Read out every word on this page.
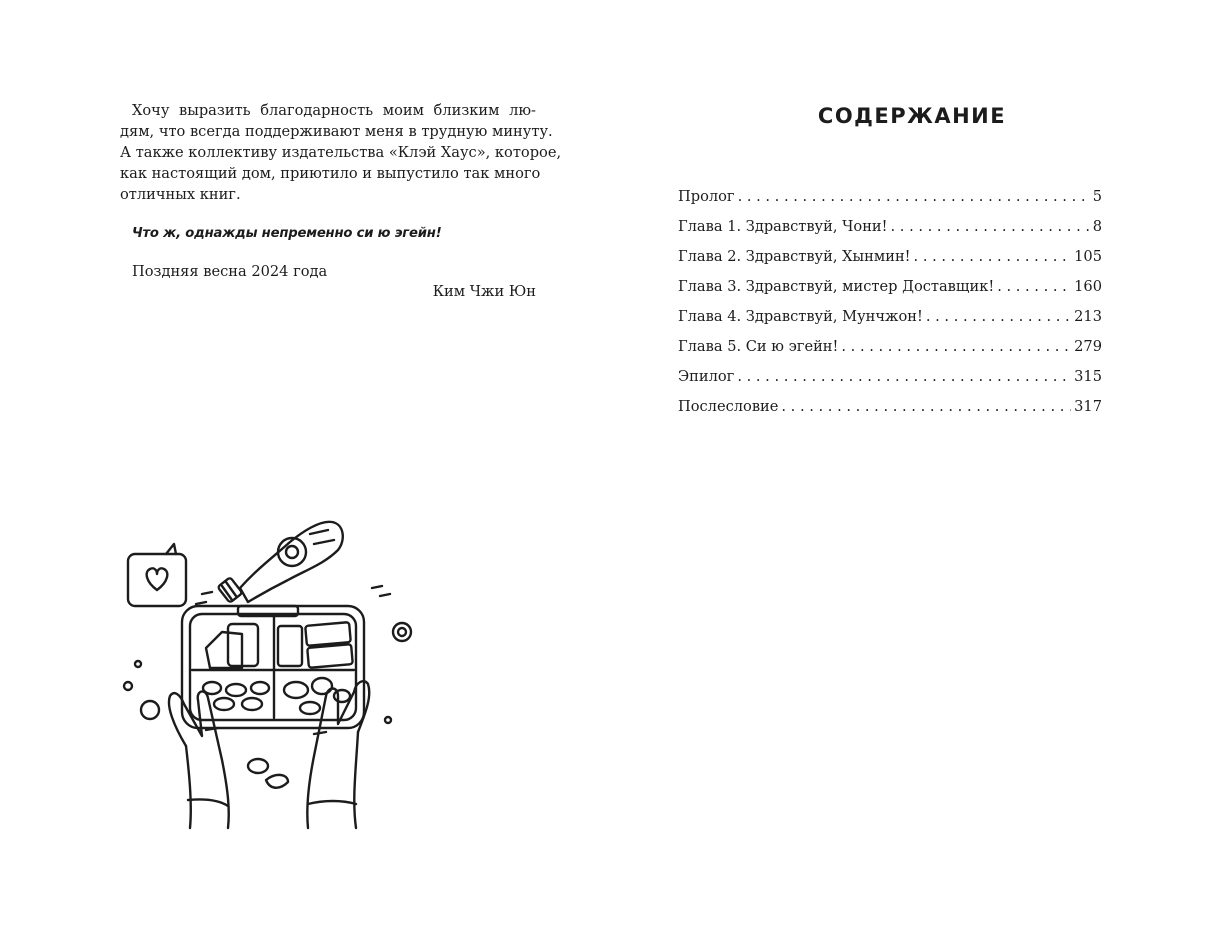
Хочу выразить благодарность моим близким лю-
дям, что всегда поддерживают меня в трудную минуту.
А также коллективу издательства «Клэй Хаус», которое,
как настоящий дом, приютило и выпустило так много
отличных книг.

Что ж, однажды непременно си ю эгейн!

Поздняя весна 2024 года

Ким Чжи Юн

СОДЕРЖАНИЕ
Пролог . . .	5
Глава 1. Здравствуй, Чони! . . .	8
Глава 2. Здравствуй, Хынмин! . . .	105
Глава 3. Здравствуй, мистер Доставщик! . . .	160
Глава 4. Здравствуй, Мунчжон! . . .	213
Глава 5. Си ю эгейн! . . .	279
Эпилог . . .	315
Послесловие . . .	317
